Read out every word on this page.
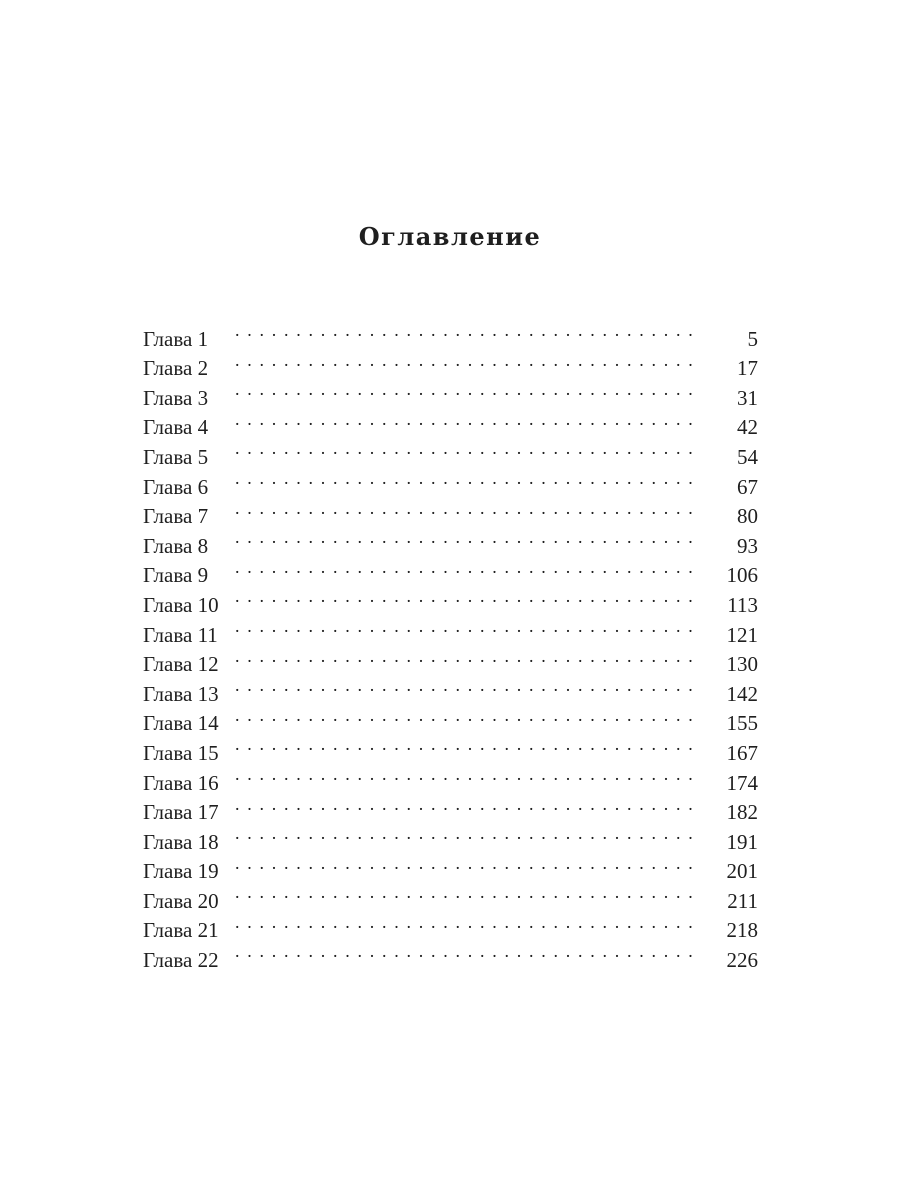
Оглавление
Глава 1 . . .	5
Глава 2 . . .	17
Глава 3 . . .	31
Глава 4 . . .	42
Глава 5 . . .	54
Глава 6 . . .	67
Глава 7 . . .	80
Глава 8 . . .	93
Глава 9 . . .	106
Глава 10 . . .	113
Глава 11 . . .	121
Глава 12 . . .	130
Глава 13 . . .	142
Глава 14 . . .	155
Глава 15 . . .	167
Глава 16 . . .	174
Глава 17 . . .	182
Глава 18 . . .	191
Глава 19 . . .	201
Глава 20 . . .	211
Глава 21 . . .	218
Глава 22 . . .	226
